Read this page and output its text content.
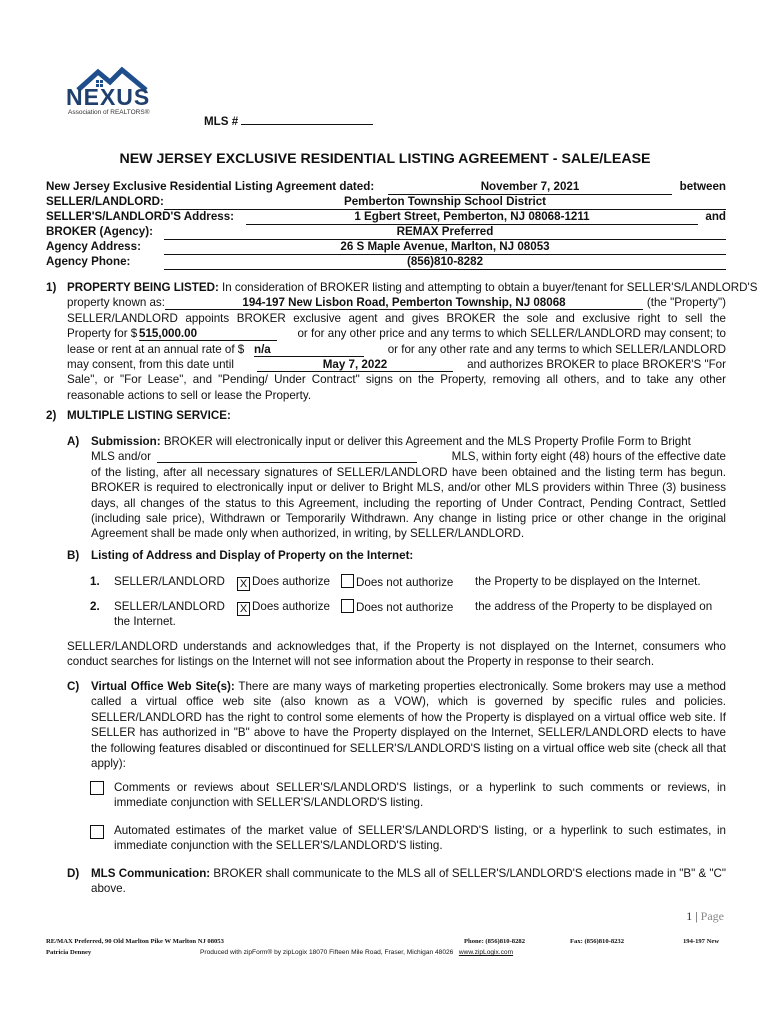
NEXUS
Association of REALTORS®
MLS #
NEW JERSEY EXCLUSIVE RESIDENTIAL LISTING AGREEMENT - SALE/LEASE
New Jersey Exclusive Residential Listing Agreement dated:	November 7, 2021	between
SELLER/LANDLORD:	Pemberton Township School District
SELLER'S/LANDLORD'S Address:	1 Egbert Street, Pemberton, NJ 08068-1211	and
BROKER (Agency):	REMAX Preferred
Agency Address:	26 S Maple Avenue, Marlton, NJ 08053
Agency Phone:	(856)810-8282
1) PROPERTY BEING LISTED: In consideration of BROKER listing and attempting to obtain a buyer/tenant for SELLER'S/LANDLORD'S
property known as:	194-197 New Lisbon Road, Pemberton Township, NJ 08068	(the "Property")
SELLER/LANDLORD appoints BROKER exclusive agent and gives BROKER the sole and exclusive right to sell the
Property for $ 515,000.00	or for any other price and any terms to which SELLER/LANDLORD may consent; to
lease or rent at an annual rate of $ n/a	or for any other rate and any terms to which SELLER/LANDLORD
may consent, from this date until	May 7, 2022	and authorizes BROKER to place BROKER'S "For
Sale", or "For Lease", and "Pending/ Under Contract" signs on the Property, removing all others, and to take any other
reasonable actions to sell or lease the Property.
2) MULTIPLE LISTING SERVICE:
A) Submission: BROKER will electronically input or deliver this Agreement and the MLS Property Profile Form to Bright
MLS and/or	MLS, within forty eight (48) hours of the effective date
of the listing, after all necessary signatures of SELLER/LANDLORD have been obtained and the listing term has begun. BROKER is required to electronically input or deliver to Bright MLS, and/or other MLS providers within Three (3) business days, all changes of the status to this Agreement, including the reporting of Under Contract, Pending Contract, Settled (including sale price), Withdrawn or Temporarily Withdrawn. Any change in listing price or other change in the original Agreement shall be made only when authorized, in writing, by SELLER/LANDLORD.
B) Listing of Address and Display of Property on the Internet:
1. SELLER/LANDLORD X Does authorize	Does not authorize the Property to be displayed on the Internet.
2. SELLER/LANDLORD X Does authorize	Does not authorize the address of the Property to be displayed on
the Internet.
SELLER/LANDLORD understands and acknowledges that, if the Property is not displayed on the Internet, consumers who conduct searches for listings on the Internet will not see information about the Property in response to their search.
C) Virtual Office Web Site(s): There are many ways of marketing properties electronically. Some brokers may use a method called a virtual office web site (also known as a VOW), which is governed by specific rules and policies. SELLER/LANDLORD has the right to control some elements of how the Property is displayed on a virtual office web site. If SELLER has authorized in "B" above to have the Property displayed on the Internet, SELLER/LANDLORD elects to have the following features disabled or discontinued for SELLER'S/LANDLORD'S listing on a virtual office web site (check all that apply):
Comments or reviews about SELLER'S/LANDLORD'S listings, or a hyperlink to such comments or reviews, in immediate conjunction with SELLER'S/LANDLORD'S listing.
Automated estimates of the market value of SELLER'S/LANDLORD'S listing, or a hyperlink to such estimates, in immediate conjunction with the SELLER'S/LANDLORD'S listing.
D) MLS Communication: BROKER shall communicate to the MLS all of SELLER'S/LANDLORD'S elections made in "B" & "C" above.
1 | Page
RE/MAX Preferred, 90 Old Marlton Pike W Marlton NJ 08053
Patricia Denney
Phone: (856)810-8282	Fax: (856)810-8232	194-197 New
Produced with zipForm® by zipLogix 18070 Fifteen Mile Road, Fraser, Michigan 48026 www.zipLogix.com
